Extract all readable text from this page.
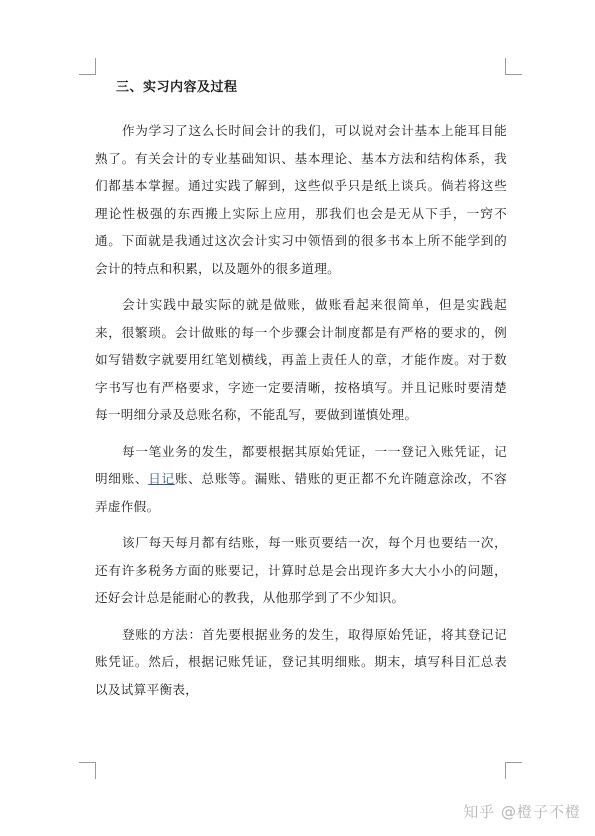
三、实习内容及过程

作为学习了这么长时间会计的我们，可以说对会计基本上能耳目能熟了。有关会计的专业基础知识、基本理论、基本方法和结构体系，我们都基本掌握。通过实践了解到，这些似乎只是纸上谈兵。倘若将这些理论性极强的东西搬上实际上应用，那我们也会是无从下手，一窍不通。下面就是我通过这次会计实习中领悟到的很多书本上所不能学到的会计的特点和积累，以及题外的很多道理。

会计实践中最实际的就是做账，做账看起来很简单，但是实践起来，很繁琐。会计做账的每一个步骤会计制度都是有严格的要求的，例如写错数字就要用红笔划横线，再盖上责任人的章，才能作废。对于数字书写也有严格要求，字迹一定要清晰，按格填写。并且记账时要清楚每一明细分录及总账名称，不能乱写，要做到谨慎处理。

每一笔业务的发生，都要根据其原始凭证，一一登记入账凭证，记明细账、日记账、总账等。漏账、错账的更正都不允许随意涂改，不容弄虚作假。

该厂每天每月都有结账，每一账页要结一次，每个月也要结一次，还有许多税务方面的账要记，计算时总是会出现许多大大小小的问题，还好会计总是能耐心的教我，从他那学到了不少知识。

登账的方法：首先要根据业务的发生，取得原始凭证，将其登记记账凭证。然后，根据记账凭证，登记其明细账。期末，填写科目汇总表以及试算平衡表，

知乎 @橙子不橙
